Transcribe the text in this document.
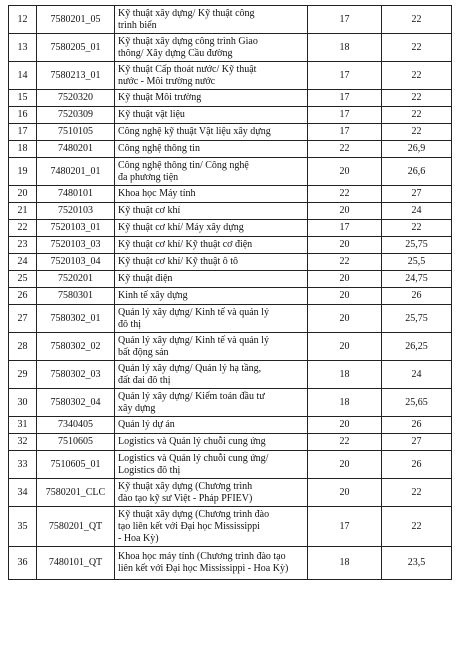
12	7580201_05	Kỹ thuật xây dựng/ Kỹ thuật công
trình biển	17	22
13	7580205_01	Kỹ thuật xây dựng công trình Giao
thông/ Xây dựng Cầu đường	18	22
14	7580213_01	Kỹ thuật Cấp thoát nước/ Kỹ thuật
nước - Môi trường nước	17	22
15	7520320	Kỹ thuật Môi trường	17	22
16	7520309	Kỹ thuật vật liệu	17	22
17	7510105	Công nghệ kỹ thuật Vật liệu xây dựng	17	22
18	7480201	Công nghệ thông tin	22	26,9
19	7480201_01	Công nghệ thông tin/ Công nghệ
đa phương tiện	20	26,6
20	7480101	Khoa học Máy tính	22	27
21	7520103	Kỹ thuật cơ khí	20	24
22	7520103_01	Kỹ thuật cơ khí/ Máy xây dựng	17	22
23	7520103_03	Kỹ thuật cơ khí/ Kỹ thuật cơ điện	20	25,75
24	7520103_04	Kỹ thuật cơ khí/ Kỹ thuật ô tô	22	25,5
25	7520201	Kỹ thuật điện	20	24,75
26	7580301	Kinh tế xây dựng	20	26
27	7580302_01	Quản lý xây dựng/ Kinh tế và quản lý
đô thị	20	25,75
28	7580302_02	Quản lý xây dựng/ Kinh tế và quản lý
bất động sản	20	26,25
29	7580302_03	Quản lý xây dựng/ Quản lý hạ tầng,
đất đai đô thị	18	24
30	7580302_04	Quản lý xây dựng/ Kiểm toán đầu tư
xây dựng	18	25,65
31	7340405	Quản lý dự án	20	26
32	7510605	Logistics và Quản lý chuỗi cung ứng	22	27
33	7510605_01	Logistics và Quản lý chuỗi cung ứng/
Logistics đô thị	20	26
34	7580201_CLC	Kỹ thuật xây dựng (Chương trình
đào tạo kỹ sư Việt - Pháp PFIEV)	20	22
35	7580201_QT	Kỹ thuật xây dựng (Chương trình đào
tạo liên kết với Đại học Mississippi
- Hoa Kỳ)	17	22
36	7480101_QT	Khoa học máy tính (Chương trình đào tạo
liên kết với Đại học Mississippi - Hoa Kỳ)	18	23,5
